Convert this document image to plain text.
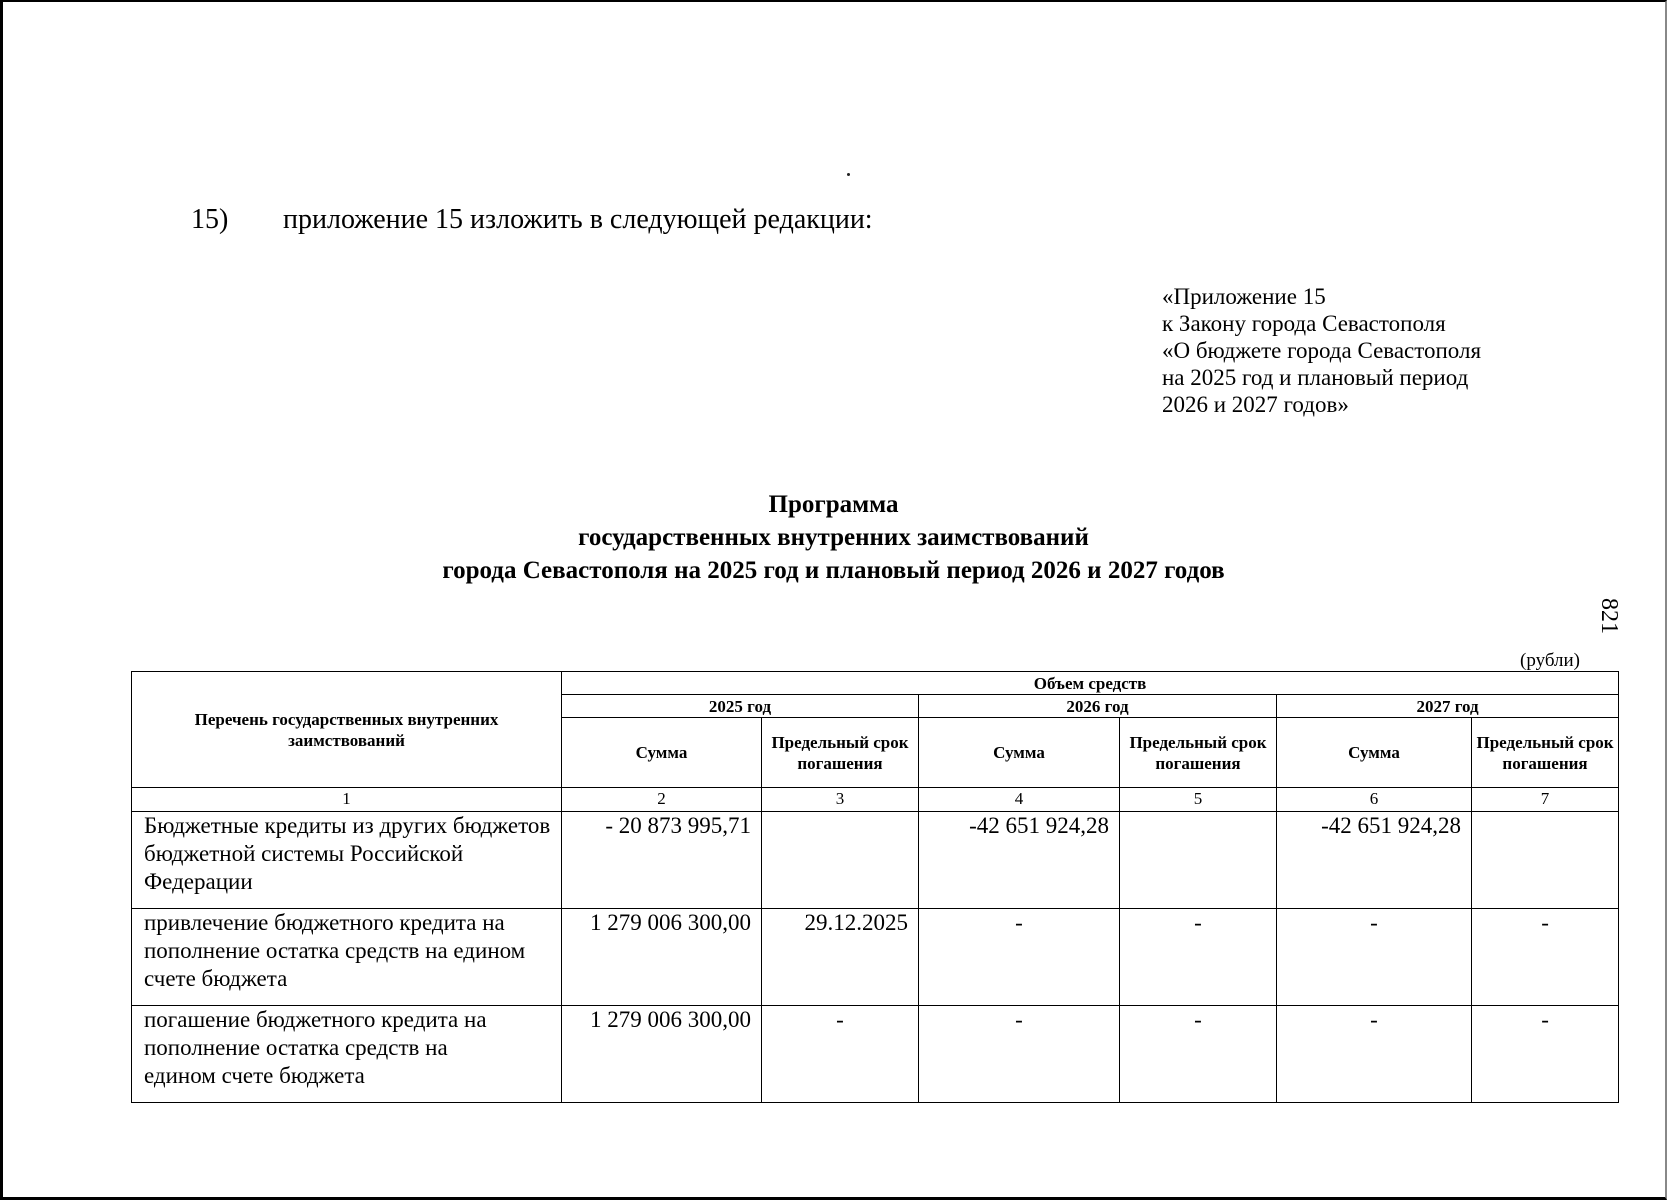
15) приложение 15 изложить в следующей редакции:
«Приложение 15
к Закону города Севастополя
«О бюджете города Севастополя
на 2025 год и плановый период
2026 и 2027 годов»
Программа
государственных внутренних заимствований
города Севастополя на 2025 год и плановый период 2026 и 2027 годов
821
(рубли)
Перечень государственных внутренних заимствований	Объем средств					
	2025 год		2026 год		2027 год	
	Сумма	Предельный срок погашения	Сумма	Предельный срок погашения	Сумма	Предельный срок погашения
1	2	3	4	5	6	7
Бюджетные кредиты из других бюджетов бюджетной системы Российской Федерации	- 20 873 995,71		-42 651 924,28		-42 651 924,28	
привлечение бюджетного кредита на пополнение остатка средств на едином счете бюджета	1 279 006 300,00	29.12.2025	-	-	-	-
погашение бюджетного кредита на пополнение остатка средств на едином счете бюджета	1 279 006 300,00	-	-	-	-	-
